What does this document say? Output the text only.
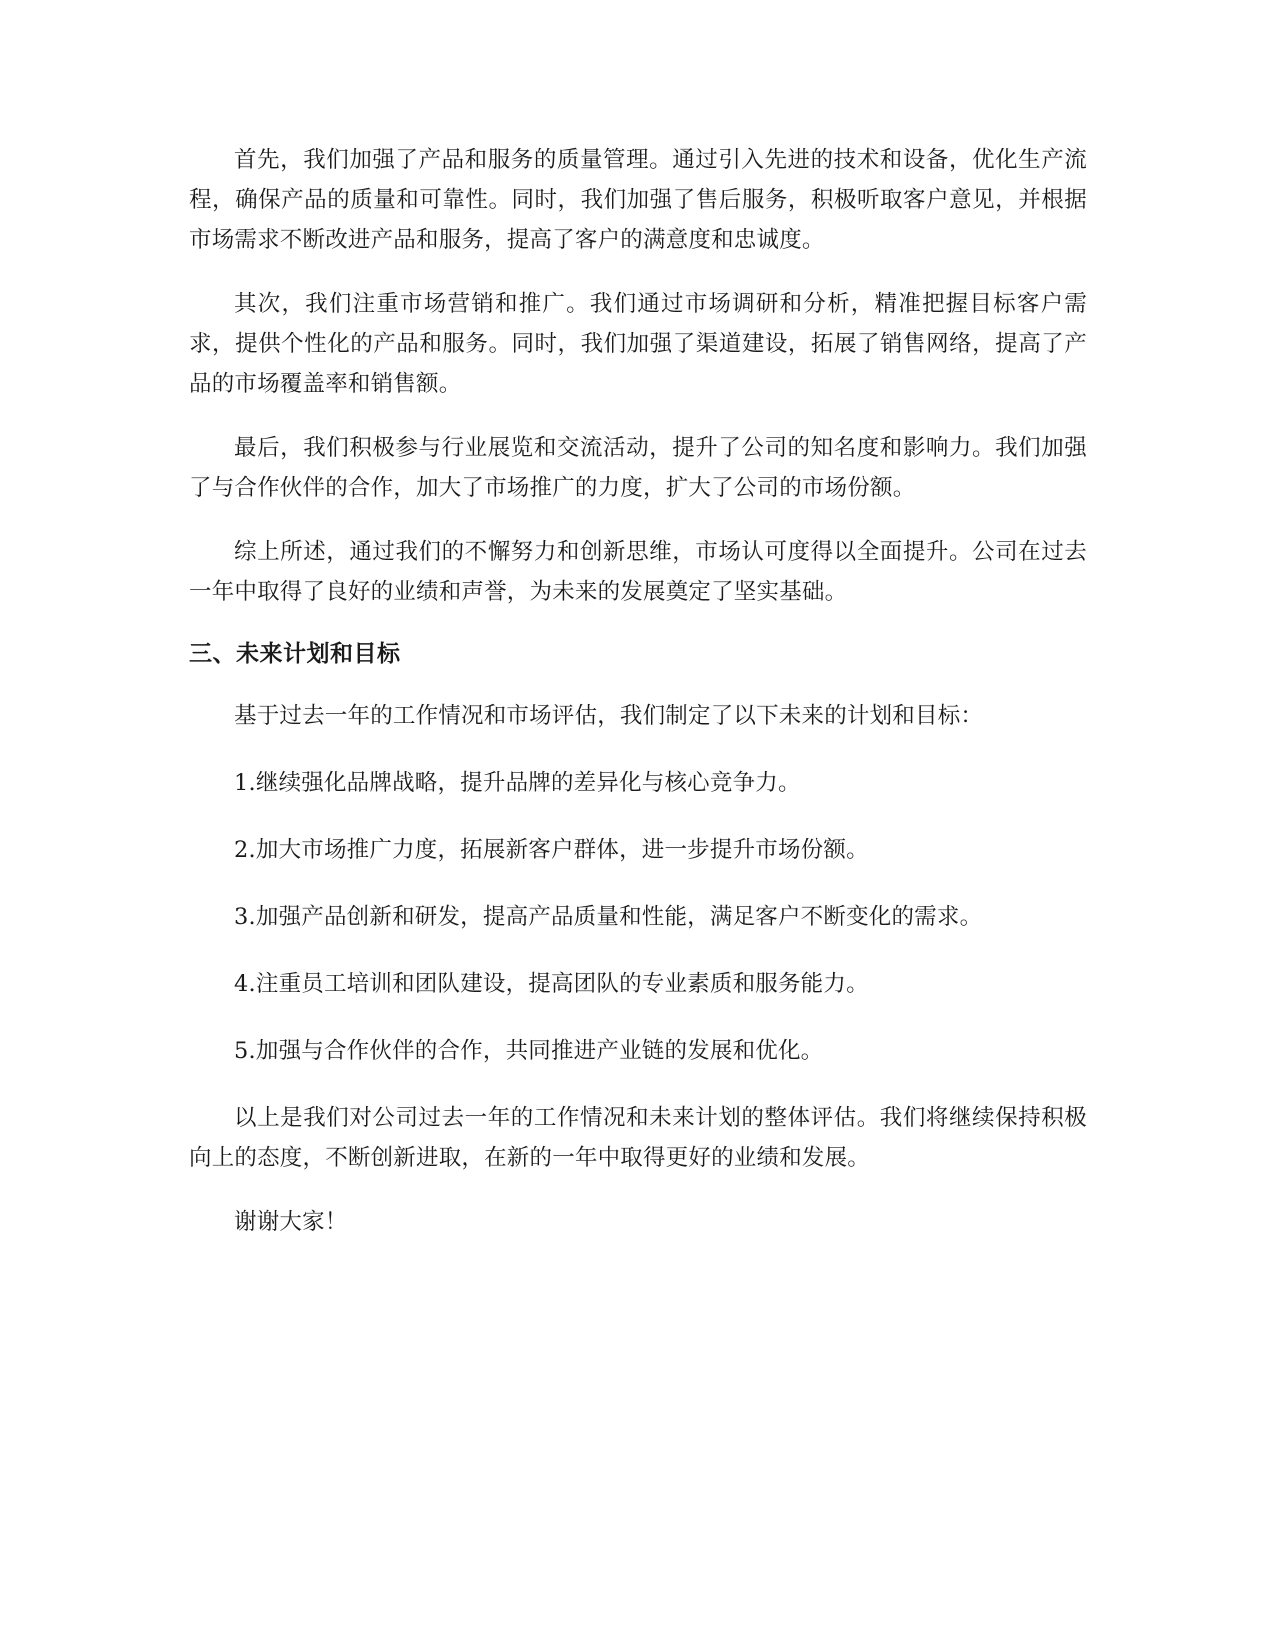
首先，我们加强了产品和服务的质量管理。通过引入先进的技术和设备，优化生产流程，确保产品的质量和可靠性。同时，我们加强了售后服务，积极听取客户意见，并根据市场需求不断改进产品和服务，提高了客户的满意度和忠诚度。

其次，我们注重市场营销和推广。我们通过市场调研和分析，精准把握目标客户需求，提供个性化的产品和服务。同时，我们加强了渠道建设，拓展了销售网络，提高了产品的市场覆盖率和销售额。

最后，我们积极参与行业展览和交流活动，提升了公司的知名度和影响力。我们加强了与合作伙伴的合作，加大了市场推广的力度，扩大了公司的市场份额。

综上所述，通过我们的不懈努力和创新思维，市场认可度得以全面提升。公司在过去一年中取得了良好的业绩和声誉，为未来的发展奠定了坚实基础。

三、未来计划和目标

基于过去一年的工作情况和市场评估，我们制定了以下未来的计划和目标：

1.继续强化品牌战略，提升品牌的差异化与核心竞争力。

2.加大市场推广力度，拓展新客户群体，进一步提升市场份额。

3.加强产品创新和研发，提高产品质量和性能，满足客户不断变化的需求。

4.注重员工培训和团队建设，提高团队的专业素质和服务能力。

5.加强与合作伙伴的合作，共同推进产业链的发展和优化。

以上是我们对公司过去一年的工作情况和未来计划的整体评估。我们将继续保持积极向上的态度，不断创新进取，在新的一年中取得更好的业绩和发展。

谢谢大家！
